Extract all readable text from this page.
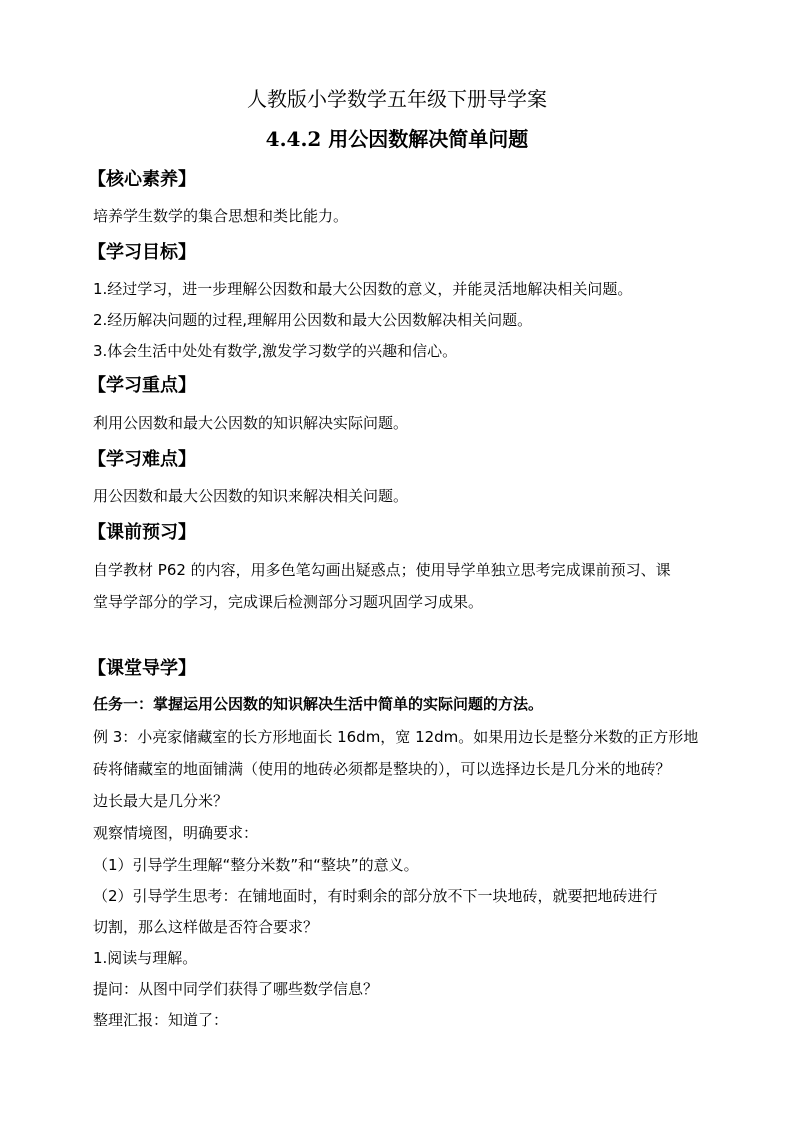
人教版小学数学五年级下册导学案
4.4.2 用公因数解决简单问题
【核心素养】
培养学生数学的集合思想和类比能力。
【学习目标】
1.经过学习，进一步理解公因数和最大公因数的意义，并能灵活地解决相关问题。
2.经历解决问题的过程,理解用公因数和最大公因数解决相关问题。
3.体会生活中处处有数学,激发学习数学的兴趣和信心。
【学习重点】
利用公因数和最大公因数的知识解决实际问题。
【学习难点】
用公因数和最大公因数的知识来解决相关问题。
【课前预习】
自学教材 P62 的内容，用多色笔勾画出疑惑点；使用导学单独立思考完成课前预习、课
堂导学部分的学习，完成课后检测部分习题巩固学习成果。
【课堂导学】
任务一：掌握运用公因数的知识解决生活中简单的实际问题的方法。
例 3：小亮家储藏室的长方形地面长 16dm，宽 12dm。如果用边长是整分米数的正方形地
砖将储藏室的地面铺满（使用的地砖必须都是整块的），可以选择边长是几分米的地砖？
边长最大是几分米？
观察情境图，明确要求：
（1）引导学生理解“整分米数”和“整块”的意义。
（2）引导学生思考：在铺地面时，有时剩余的部分放不下一块地砖，就要把地砖进行
切割，那么这样做是否符合要求？
1.阅读与理解。
提问：从图中同学们获得了哪些数学信息？
整理汇报：知道了：
